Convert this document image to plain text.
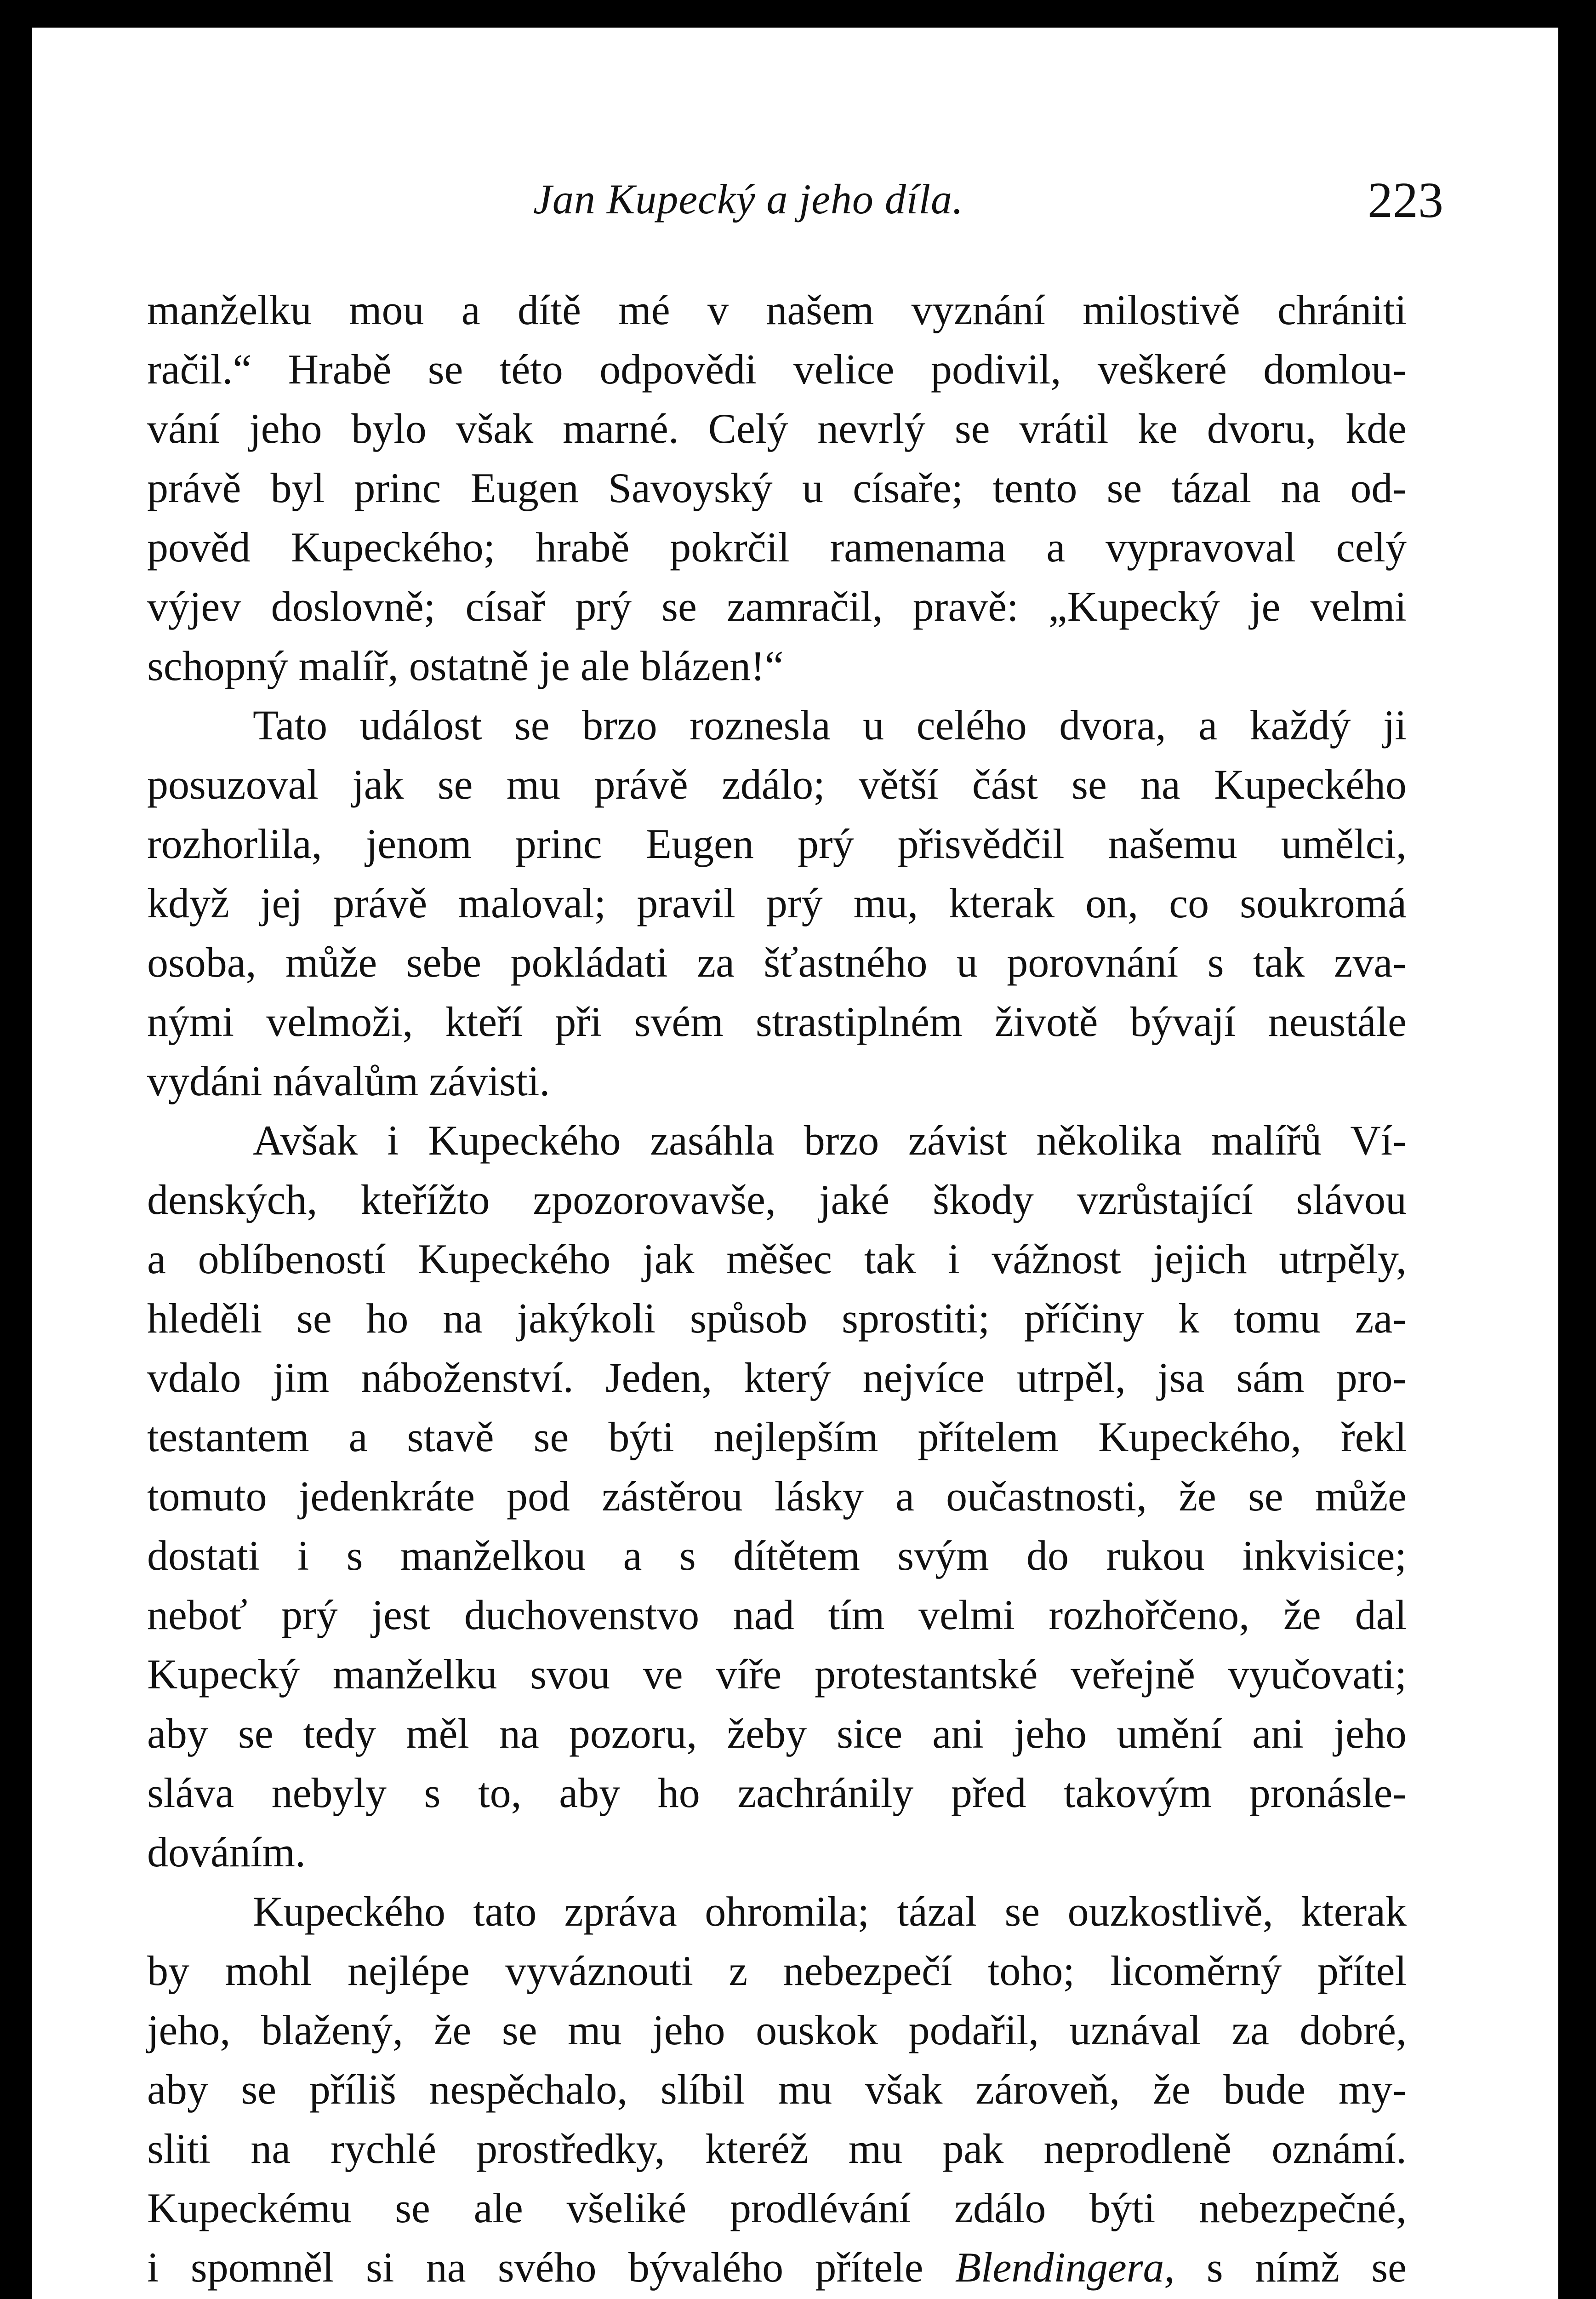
Jan Kupecký a jeho díla.	223
manželku mou a dítě mé v našem vyznání milostivě chrániti
račil.“ Hrabě se této odpovědi velice podivil, veškeré domlou-
vání jeho bylo však marné. Celý nevrlý se vrátil ke dvoru, kde
právě byl princ Eugen Savoyský u císaře; tento se tázal na od-
pověd Kupeckého; hrabě pokrčil ramenama a vypravoval celý
výjev doslovně; císař prý se zamračil, pravě: „Kupecký je velmi
schopný malíř, ostatně je ale blázen!“
Tato událost se brzo roznesla u celého dvora, a každý ji
posuzoval jak se mu právě zdálo; větší část se na Kupeckého
rozhorlila, jenom princ Eugen prý přisvědčil našemu umělci,
když jej právě maloval; pravil prý mu, kterak on, co soukromá
osoba, může sebe pokládati za šťastného u porovnání s tak zva-
nými velmoži, kteří při svém strastiplném životě bývají neustále
vydáni návalům závisti.
Avšak i Kupeckého zasáhla brzo závist několika malířů Ví-
denských, kteřížto zpozorovavše, jaké škody vzrůstající slávou
a oblíbeností Kupeckého jak měšec tak i vážnost jejich utrpěly,
hleděli se ho na jakýkoli spůsob sprostiti; příčiny k tomu za-
vdalo jim náboženství. Jeden, který nejvíce utrpěl, jsa sám pro-
testantem a stavě se býti nejlepším přítelem Kupeckého, řekl
tomuto jedenkráte pod zástěrou lásky a oučastnosti, že se může
dostati i s manželkou a s dítětem svým do rukou inkvisice;
neboť prý jest duchovenstvo nad tím velmi rozhořčeno, že dal
Kupecký manželku svou ve víře protestantské veřejně vyučovati;
aby se tedy měl na pozoru, žeby sice ani jeho umění ani jeho
sláva nebyly s to, aby ho zachránily před takovým pronásle-
dováním.
Kupeckého tato zpráva ohromila; tázal se ouzkostlivě, kterak
by mohl nejlépe vyváznouti z nebezpečí toho; licoměrný přítel
jeho, blažený, že se mu jeho ouskok podařil, uznával za dobré,
aby se příliš nespěchalo, slíbil mu však zároveň, že bude my-
sliti na rychlé prostředky, kteréž mu pak neprodleně oznámí.
Kupeckému se ale všeliké prodlévání zdálo býti nebezpečné,
i spomněl si na svého bývalého přítele Blendingera, s nímž se
